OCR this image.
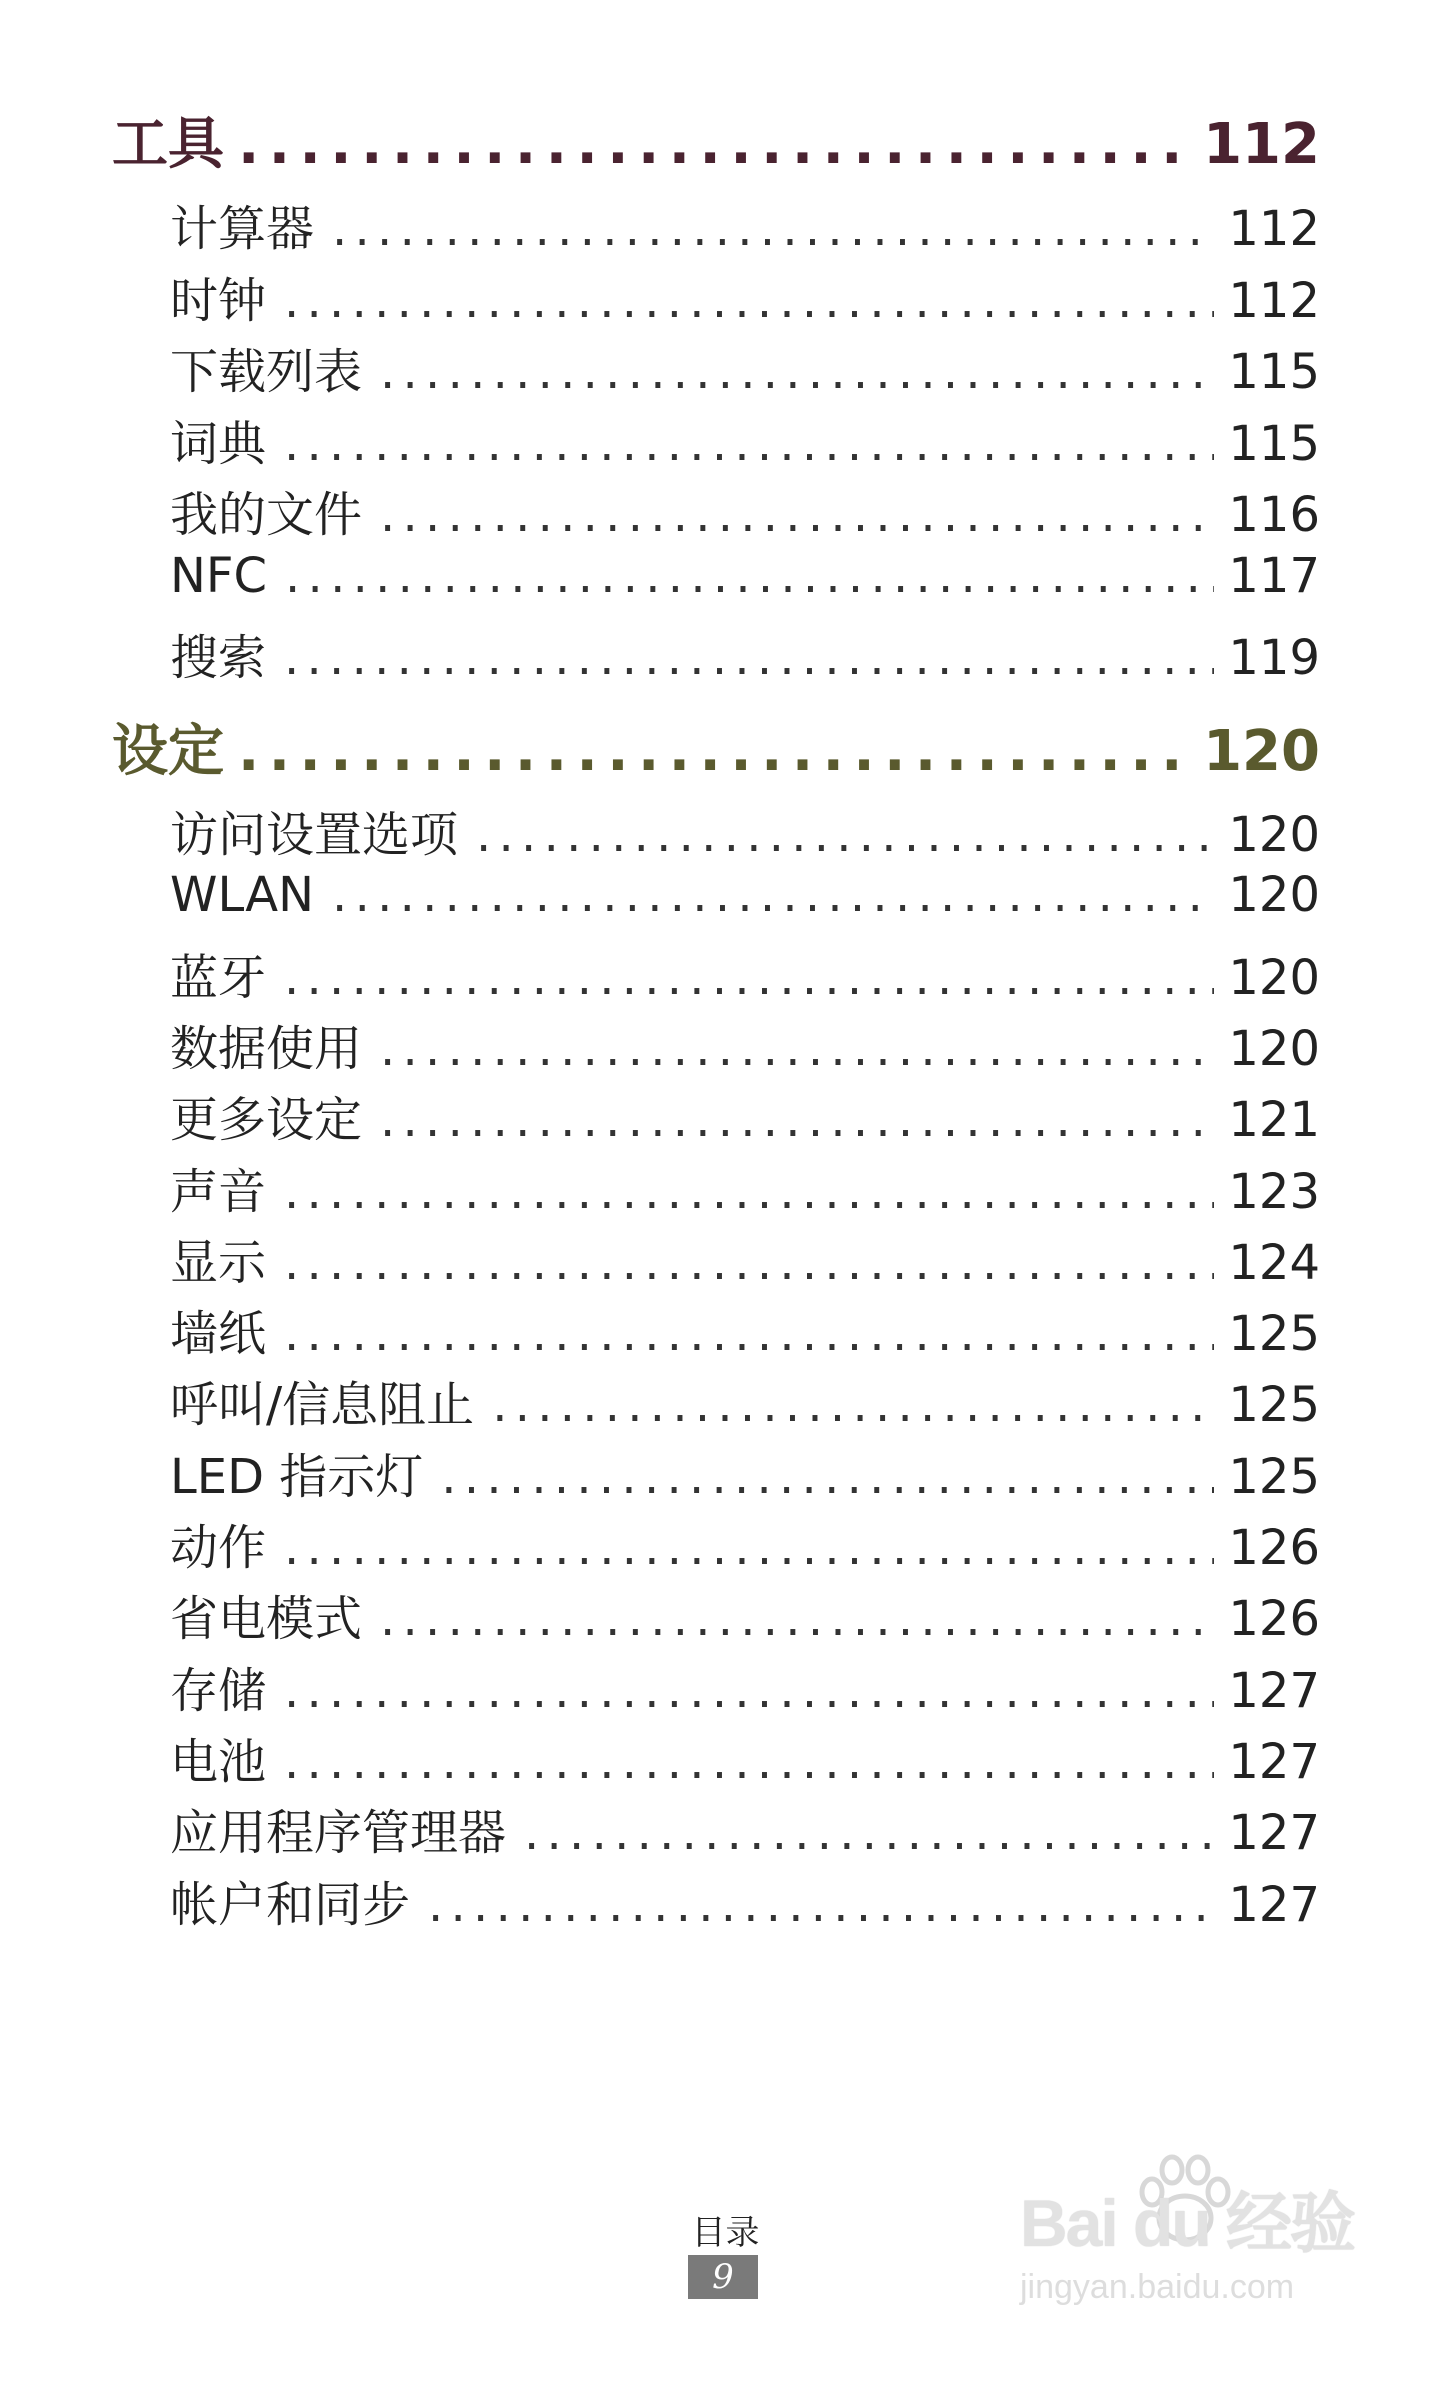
工具 . . .	112
计算器 . . .	112
时钟 . . .	112
下载列表 . . .	115
词典 . . .	115
我的文件 . . .	116
NFC . . .	117
搜索 . . .	119
设定 . . .	120
访问设置选项 . . .	120
WLAN . . .	120
蓝牙 . . .	120
数据使用 . . .	120
更多设定 . . .	121
声音 . . .	123
显示 . . .	124
墙纸 . . .	125
呼叫/信息阻止 . . .	125
LED 指示灯 . . .	125
动作 . . .	126
省电模式 . . .	126
存储 . . .	127
电池 . . .	127
应用程序管理器 . . .	127
帐户和同步 . . .	127
目录
9
Bai du 经验
jingyan.baidu.com
